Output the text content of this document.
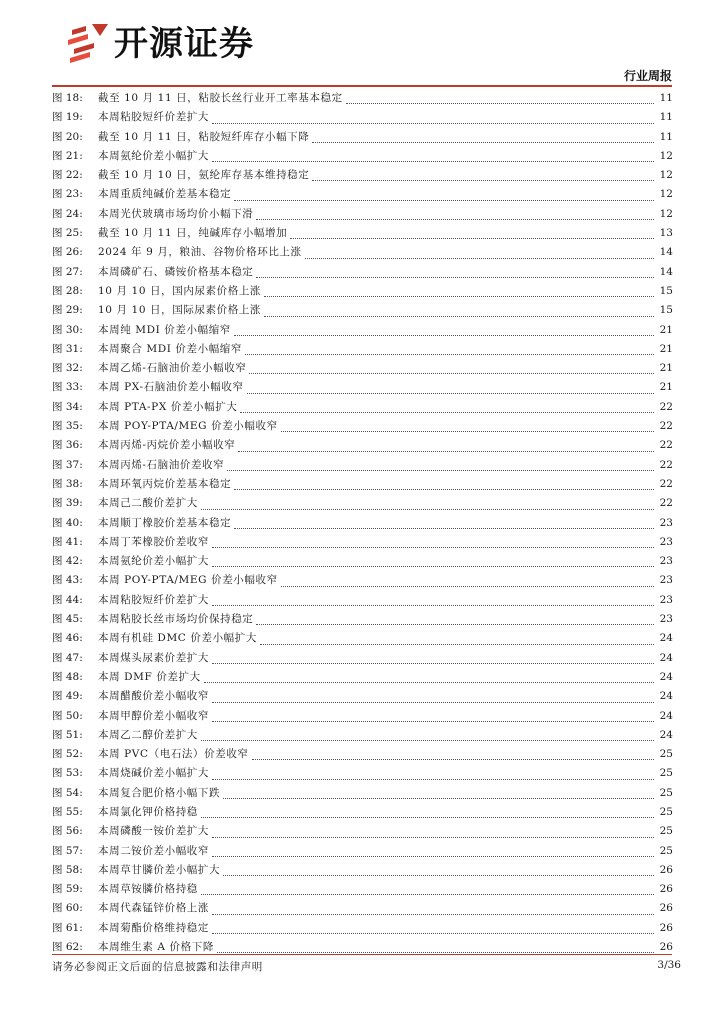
开源证券
行业周报
图 18:	截至 10 月 11 日，粘胶长丝行业开工率基本稳定	11
图 19:	本周粘胶短纤价差扩大	11
图 20:	截至 10 月 11 日，粘胶短纤库存小幅下降	11
图 21:	本周氨纶价差小幅扩大	12
图 22:	截至 10 月 10 日，氨纶库存基本维持稳定	12
图 23:	本周重质纯碱价差基本稳定	12
图 24:	本周光伏玻璃市场均价小幅下滑	12
图 25:	截至 10 月 11 日，纯碱库存小幅增加	13
图 26:	2024 年 9 月，粮油、谷物价格环比上涨	14
图 27:	本周磷矿石、磷铵价格基本稳定	14
图 28:	10 月 10 日，国内尿素价格上涨	15
图 29:	10 月 10 日，国际尿素价格上涨	15
图 30:	本周纯 MDI 价差小幅缩窄	21
图 31:	本周聚合 MDI 价差小幅缩窄	21
图 32:	本周乙烯-石脑油价差小幅收窄	21
图 33:	本周 PX-石脑油价差小幅收窄	21
图 34:	本周 PTA-PX 价差小幅扩大	22
图 35:	本周 POY-PTA/MEG 价差小幅收窄	22
图 36:	本周丙烯-丙烷价差小幅收窄	22
图 37:	本周丙烯-石脑油价差收窄	22
图 38:	本周环氧丙烷价差基本稳定	22
图 39:	本周己二酸价差扩大	22
图 40:	本周顺丁橡胶价差基本稳定	23
图 41:	本周丁苯橡胶价差收窄	23
图 42:	本周氨纶价差小幅扩大	23
图 43:	本周 POY-PTA/MEG 价差小幅收窄	23
图 44:	本周粘胶短纤价差扩大	23
图 45:	本周粘胶长丝市场均价保持稳定	23
图 46:	本周有机硅 DMC 价差小幅扩大	24
图 47:	本周煤头尿素价差扩大	24
图 48:	本周 DMF 价差扩大	24
图 49:	本周醋酸价差小幅收窄	24
图 50:	本周甲醇价差小幅收窄	24
图 51:	本周乙二醇价差扩大	24
图 52:	本周 PVC（电石法）价差收窄	25
图 53:	本周烧碱价差小幅扩大	25
图 54:	本周复合肥价格小幅下跌	25
图 55:	本周氯化钾价格持稳	25
图 56:	本周磷酸一铵价差扩大	25
图 57:	本周二铵价差小幅收窄	25
图 58:	本周草甘膦价差小幅扩大	26
图 59:	本周草铵膦价格持稳	26
图 60:	本周代森锰锌价格上涨	26
图 61:	本周菊酯价格维持稳定	26
图 62:	本周维生素 A 价格下降	26
请务必参阅正文后面的信息披露和法律声明	3/36
